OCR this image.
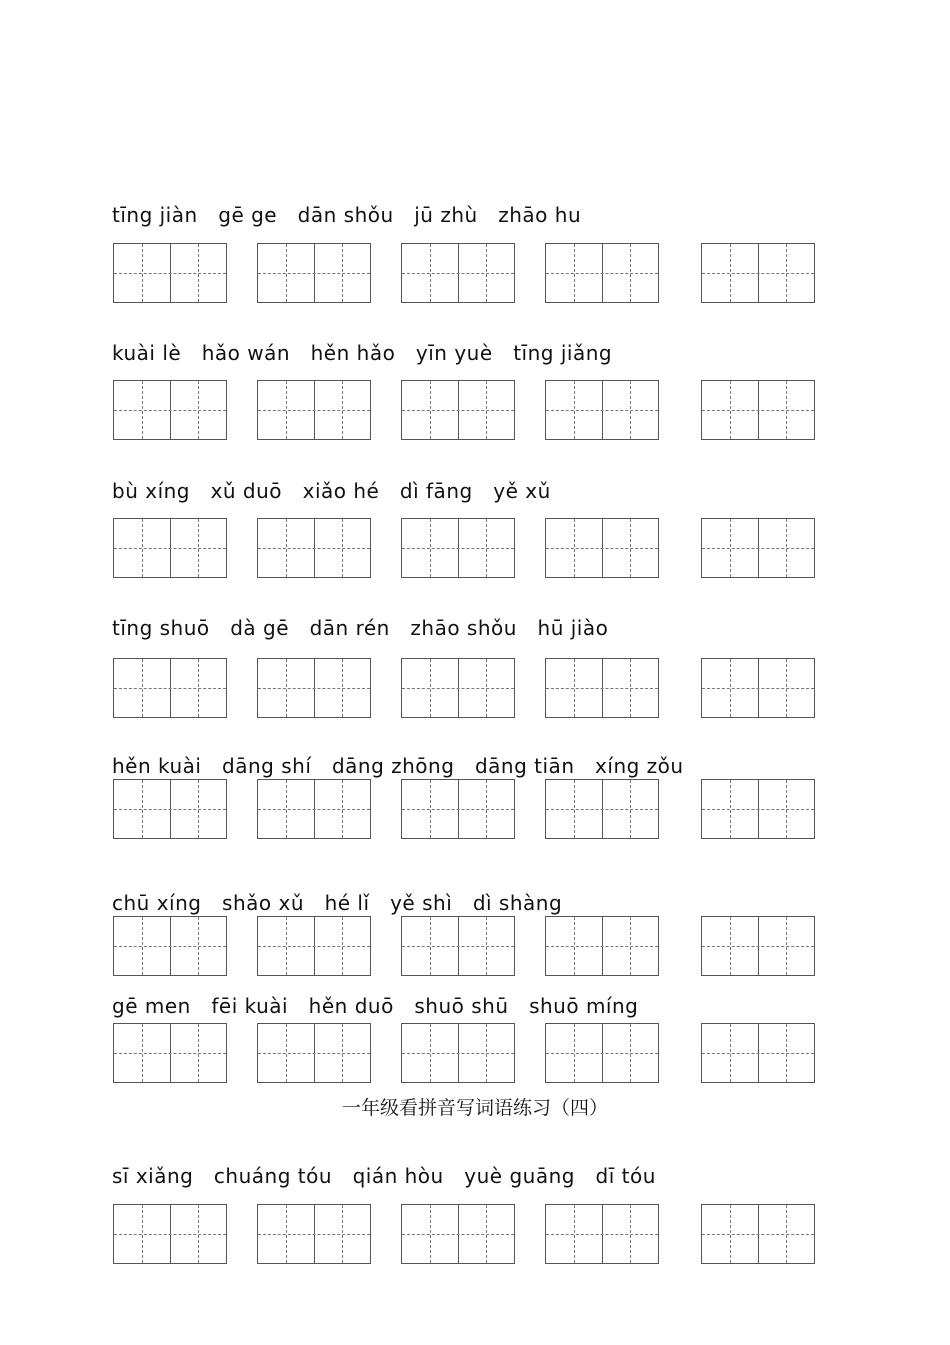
tīng jiàn   gē ge   dān shǒu   jū zhù   zhāo hu
kuài lè   hǎo wán   hěn hǎo   yīn yuè   tīng jiǎng
bù xíng   xǔ duō   xiǎo hé   dì fāng   yě xǔ
tīng shuō   dà gē   dān rén   zhāo shǒu   hū jiào
hěn kuài   dāng shí   dāng zhōng   dāng tiān   xíng zǒu
chū xíng   shǎo xǔ   hé lǐ   yě shì   dì shàng
gē men   fēi kuài   hěn duō   shuō shū   shuō míng
一年级看拼音写词语练习（四）
sī xiǎng   chuáng tóu   qián hòu   yuè guāng   dī tóu
